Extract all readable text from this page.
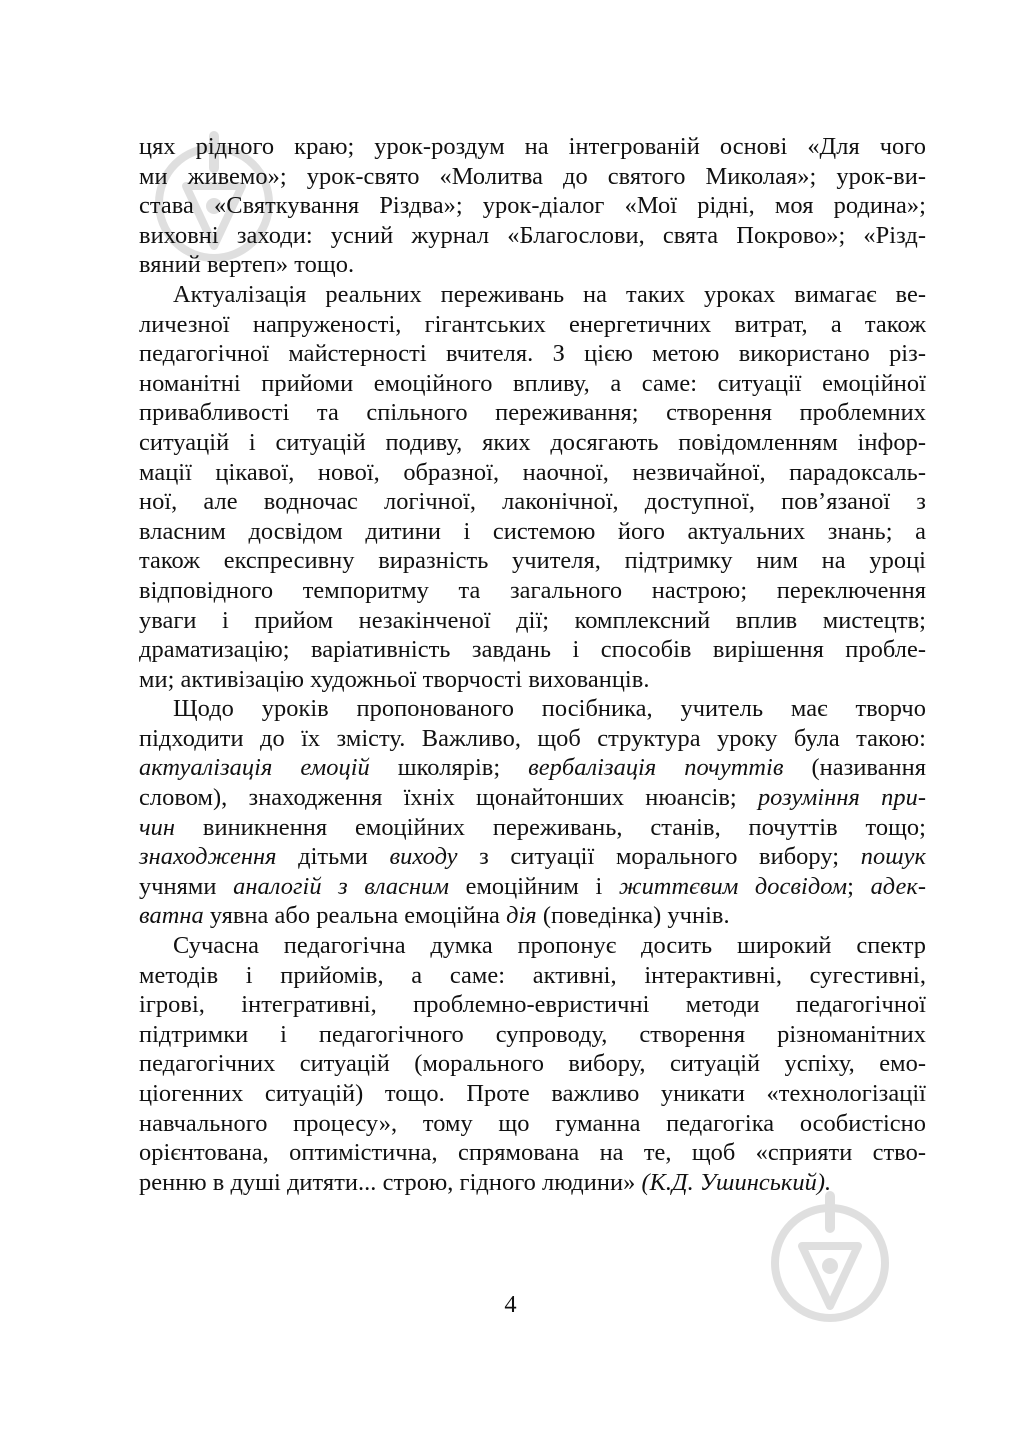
цях рідного краю; урок-роздум на інтегрованій основі «Для чого
ми живемо»; урок-свято «Молитва до святого Миколая»; урок-ви-
става «Святкування Різдва»; урок-діалог «Мої рідні, моя родина»;
виховні заходи: усний журнал «Благослови, свята Покрово»; «Різд-
вяний вертеп» тощо.

Актуалізація реальних переживань на таких уроках вимагає ве-
личезної напруженості, гігантських енергетичних витрат, а також
педагогічної майстерності вчителя. З цією метою використано різ-
номанітні прийоми емоційного впливу, а саме: ситуації емоційної
привабливості та спільного переживання; створення проблемних
ситуацій і ситуацій подиву, яких досягають повідомленням інфор-
мації цікавої, нової, образної, наочної, незвичайної, парадоксаль-
ної, але водночас логічної, лаконічної, доступної, пов’язаної з
власним досвідом дитини і системою його актуальних знань; а
також експресивну виразність учителя, підтримку ним на уроці
відповідного темпоритму та загального настрою; переключення
уваги і прийом незакінченої дії; комплексний вплив мистецтв;
драматизацію; варіативність завдань і способів вирішення пробле-
ми; активізацію художньої творчості вихованців.

Щодо уроків пропонованого посібника, учитель має творчо
підходити до їх змісту. Важливо, щоб структура уроку була такою:
актуалізація емоцій школярів; вербалізація почуттів (називання
словом), знаходження їхніх щонайтонших нюансів; розуміння при-
чин виникнення емоційних переживань, станів, почуттів тощо;
знаходження дітьми виходу з ситуації морального вибору; пошук
учнями аналогій з власним емоційним і життєвим досвідом; адек-
ватна уявна або реальна емоційна дія (поведінка) учнів.

Сучасна педагогічна думка пропонує досить широкий спектр
методів і прийомів, а саме: активні, інтерактивні, сугестивні,
ігрові, інтегративні, проблемно-евристичні методи педагогічної
підтримки і педагогічного супроводу, створення різноманітних
педагогічних ситуацій (морального вибору, ситуацій успіху, емо-
ціогенних ситуацій) тощо. Проте важливо уникати «технологізації
навчального процесу», тому що гуманна педагогіка особистісно
орієнтована, оптимістична, спрямована на те, щоб «сприяти ство-
ренню в душі дитяти... строю, гідного людини» (К.Д. Ушинський).

4
